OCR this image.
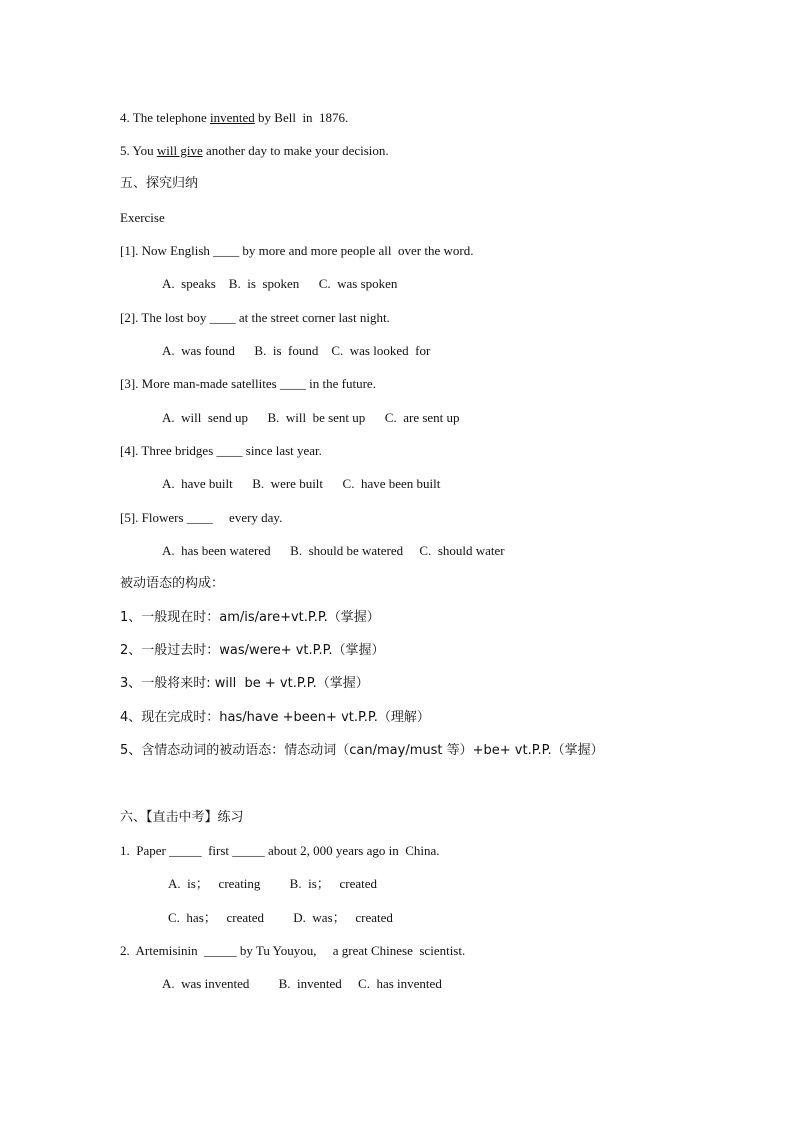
4. The telephone invented by Bell  in  1876.
5. You will give another day to make your decision.
五、探究归纳
Exercise
[1]. Now English ____ by more and more people all  over the word.
A.  speaks    B.  is  spoken      C.  was spoken
[2]. The lost boy ____ at the street corner last night.
A.  was found      B.  is  found    C.  was looked  for
[3]. More man-made satellites ____ in the future.
A.  will  send up      B.  will  be sent up      C.  are sent up
[4]. Three bridges ____ since last year.
A.  have built      B.  were built      C.  have been built
[5]. Flowers ____     every day.
A.  has been watered      B.  should be watered     C.  should water
被动语态的构成：
1、一般现在时：am/is/are+vt.P.P.（掌握）
2、一般过去时：was/were+ vt.P.P.（掌握）
3、一般将来时: will  be + vt.P.P.（掌握）
4、现在完成时：has/have +been+ vt.P.P.（理解）
5、含情态动词的被动语态：情态动词（can/may/must 等）+be+ vt.P.P.（掌握）
六、【直击中考】练习
1.  Paper _____  first _____ about 2, 000 years ago in  China.
A.  is；   creating         B.  is；   created
C.  has；   created         D.  was；   created
2.  Artemisinin  _____ by Tu Youyou,     a great Chinese  scientist.
A.  was invented         B.  invented     C.  has invented
